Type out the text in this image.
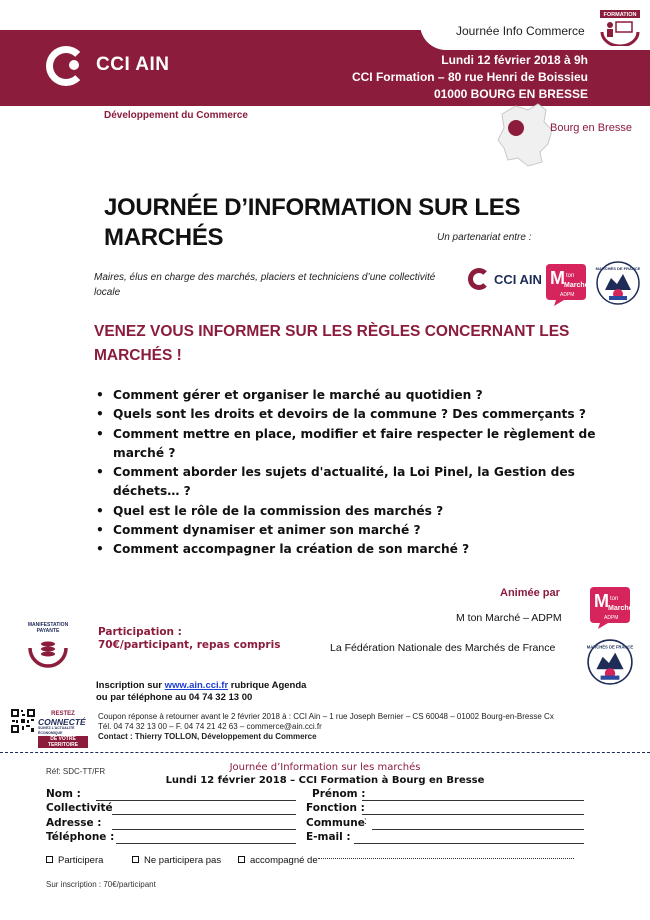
Journée Info Commerce
FORMATION
CCI AIN	Lundi 12 février 2018 à 9h
CCI Formation – 80 rue Henri de Boissieu
01000 BOURG EN BRESSE
Développement du Commerce
Bourg en Bresse
JOURNÉE D’INFORMATION SUR LES MARCHÉS	Un partenariat entre :
Maires, élus en charge des marchés, placiers et techniciens d’une collectivité locale
CCI AIN M ton
Marché
ADPM
MARCHÉS DE FRANCE
VENEZ VOUS INFORMER SUR LES RÈGLES CONCERNANT LES MARCHÉS !
• Comment gérer et organiser le marché au quotidien ?
• Quels sont les droits et devoirs de la commune ? Des commerçants ?
• Comment mettre en place, modifier et faire respecter le règlement de marché ?
• Comment aborder les sujets d'actualité, la Loi Pinel, la Gestion des déchets… ?
• Quel est le rôle de la commission des marchés ?
• Comment dynamiser et animer son marché ?
• Comment accompagner la création de son marché ?
Animée par
M ton Marché – ADPM
La Fédération Nationale des Marchés de France
M ton
Marché
ADPM
MARCHÉS DE FRANCE
MANIFESTATION
PAYANTE	Participation :
70€/participant, repas compris
Inscription sur www.ain.cci.fr rubrique Agenda
ou par téléphone au 04 74 32 13 00
RESTEZ
CONNECTÉ
SUIVEZ L'ACTUALITÉ ÉCONOMIQUE
DE VOTRE TERRITOIRE
Coupon réponse à retourner avant le 2 février 2018 à : CCI Ain – 1 rue Joseph Bernier – CS 60048 – 01002 Bourg-en-Bresse Cx
Tél. 04 74 32 13 00 – F. 04 74 21 42 63 – commerce@ain.cci.fr
Contact : Thierry TOLLON, Développement du Commerce
Réf: SDC-TT/FR	Journée d’Information sur les marchés
Lundi 12 février 2018 – CCI Formation à Bourg en Bresse
Nom :	Prénom :
Collectivité	Fonction :
Adresse :	Commune :
Téléphone :	E-mail :
Participera	Ne participera pas	accompagné de
Sur inscription : 70€/participant
